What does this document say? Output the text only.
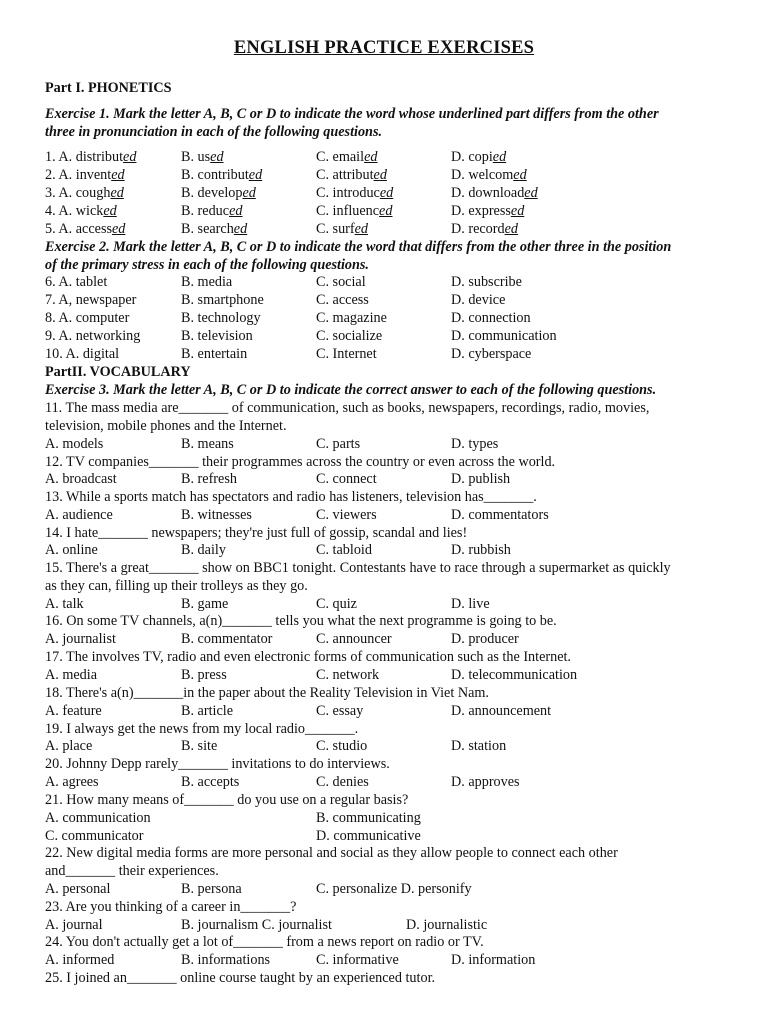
ENGLISH PRACTICE EXERCISES
Part I. PHONETICS
Exercise 1. Mark the letter A, B, C or D to indicate the word whose underlined part differs from the other
three in pronunciation in each of the following questions.
1. A. distributed	B. used	C. emailed	D. copied
2. A. invented	B. contributed	C. attributed	D. welcomed
3. A. coughed	B. developed	C. introduced	D. downloaded
4. A. wicked	B. reduced	C. influenced	D. expressed
5. A. accessed	B. searched	C. surfed	D. recorded
Exercise 2. Mark the letter A, B, C or D to indicate the word that differs from the other three in the position
of the primary stress in each of the following questions.
6. A. tablet	B. media	C. social	D. subscribe
7. A, newspaper	B. smartphone	C. access	D. device
8. A. computer	B. technology	C. magazine	D. connection
9. A. networking	B. television	C. socialize	D. communication
10. A. digital	B. entertain	C. Internet	D. cyberspace
PartII. VOCABULARY
Exercise 3. Mark the letter A, B, C or D to indicate the correct answer to each of the following questions.
11. The mass media are_______ of communication, such as books, newspapers, recordings, radio, movies,
television, mobile phones and the Internet.
A. models	B. means	C. parts	D. types
12. TV companies_______ their programmes across the country or even across the world.
A. broadcast	B. refresh	C. connect	D. publish
13. While a sports match has spectators and radio has listeners, television has_______.
A. audience	B. witnesses	C. viewers	D. commentators
14. I hate_______ newspapers; they're just full of gossip, scandal and lies!
A. online	B. daily	C. tabloid	D. rubbish
15. There's a great_______ show on BBC1 tonight. Contestants have to race through a supermarket as quickly
as they can, filling up their trolleys as they go.
A. talk	B. game	C. quiz	D. live
16. On some TV channels, a(n)_______ tells you what the next programme is going to be.
A. journalist	B. commentator	C. announcer	D. producer
17. The involves TV, radio and even electronic forms of communication such as the Internet.
A. media	B. press	C. network	D. telecommunication
18. There's a(n)_______in the paper about the Reality Television in Viet Nam.
A. feature	B. article	C. essay	D. announcement
19. I always get the news from my local radio_______.
A. place	B. site	C. studio	D. station
20. Johnny Depp rarely_______ invitations to do interviews.
A. agrees	B. accepts	C. denies	D. approves
21. How many means of_______ do you use on a regular basis?
A. communication	B. communicating
C. communicator	D. communicative
22. New digital media forms are more personal and social as they allow people to connect each other
and_______ their experiences.
A. personal	B. persona	C. personalize D. personify
23. Are you thinking of a career in_______?
A. journal	B. journalism C. journalist	D. journalistic
24. You don't actually get a lot of_______ from a news report on radio or TV.
A. informed	B. informations	C. informative	D. information
25. I joined an_______ online course taught by an experienced tutor.
